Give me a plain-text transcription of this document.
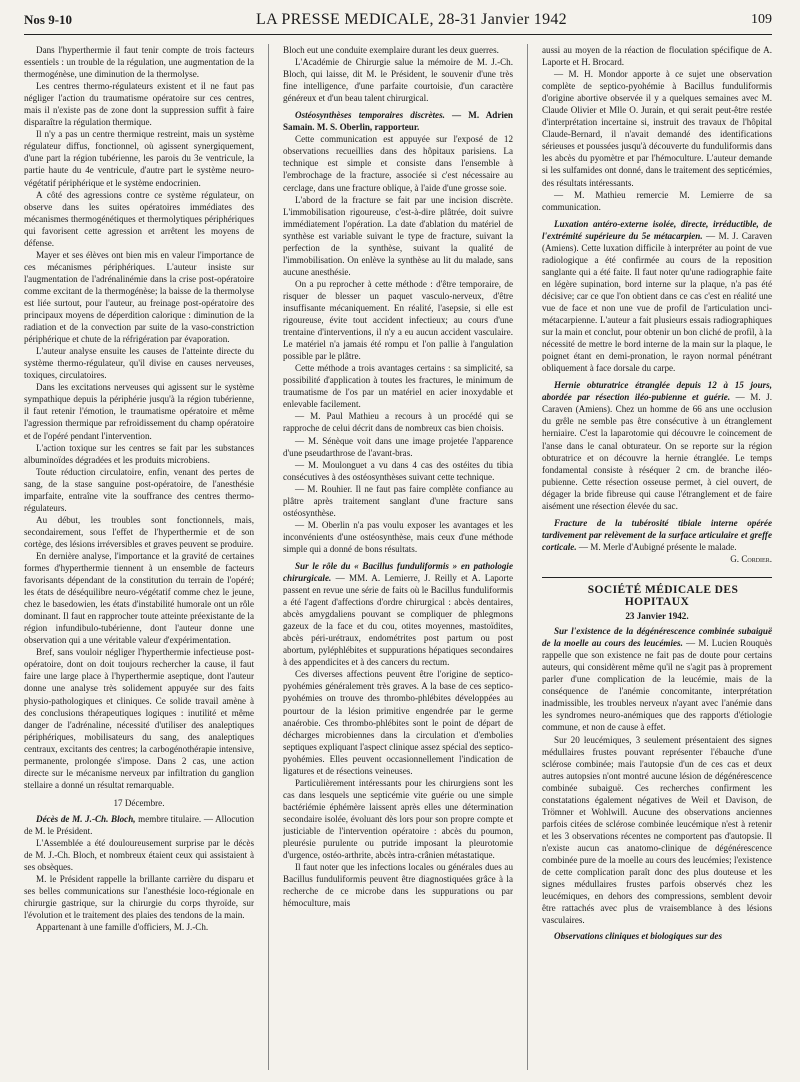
Nos 9-10	LA PRESSE MEDICALE, 28-31 Janvier 1942	109

Dans l'hyperthermie il faut tenir compte de trois facteurs essentiels : un trouble de la régulation, une augmentation de la thermogénèse, une diminution de la thermolyse.

Les centres thermo-régulateurs existent et il ne faut pas négliger l'action du traumatisme opératoire sur ces centres, mais il n'existe pas de zone dont la suppression suffit à faire disparaître la régulation thermique.

Il n'y a pas un centre thermique restreint, mais un système régulateur diffus, fonctionnel, où agissent synergiquement, d'une part la région tubérienne, les parois du 3e ventricule, la partie haute du 4e ventricule, d'autre part le système neuro-végétatif périphérique et le système endocrinien.

A côté des agressions contre ce système régulateur, on observe dans les suites opératoires immédiates des mécanismes thermogénétiques et thermolytiques périphériques qui favorisent cette agression et arrêtent les moyens de défense.

Mayer et ses élèves ont bien mis en valeur l'importance de ces mécanismes périphériques. L'auteur insiste sur l'augmentation de l'adrénalinémie dans la crise post-opératoire comme excitant de la thermogénèse; la baisse de la thermolyse est liée surtout, pour l'auteur, au freinage post-opératoire des principaux moyens de déperdition calorique : diminution de la radiation et de la convection par suite de la vaso-constriction périphérique et chute de la réfrigération par évaporation.

L'auteur analyse ensuite les causes de l'atteinte directe du système thermo-régulateur, qu'il divise en causes nerveuses, toxiques, circulatoires.

Dans les excitations nerveuses qui agissent sur le système sympathique depuis la périphérie jusqu'à la région tubérienne, il faut retenir l'émotion, le traumatisme opératoire et même l'agression thermique par refroidissement du champ opératoire et de l'opéré pendant l'intervention.

L'action toxique sur les centres se fait par les substances albuminoïdes dégradées et les produits microbiens.

Toute réduction circulatoire, enfin, venant des pertes de sang, de la stase sanguine post-opératoire, de l'anesthésie imparfaite, entraîne vite la souffrance des centres thermo-régulateurs.

Au début, les troubles sont fonctionnels, mais, secondairement, sous l'effet de l'hyperthermie et de son cortège, des lésions irréversibles et graves peuvent se produire.

En dernière analyse, l'importance et la gravité de certaines formes d'hyperthermie tiennent à un ensemble de facteurs favorisants dépendant de la constitution du terrain de l'opéré; les états de déséquilibre neuro-végétatif comme chez le jeune, chez le basedowien, les états d'instabilité humorale ont un rôle dominant. Il faut en rapprocher toute atteinte préexistante de la région infundibulo-tubérienne, dont l'auteur donne une observation qui a une véritable valeur d'expérimentation.

Bref, sans vouloir négliger l'hyperthermie infectieuse post-opératoire, dont on doit toujours rechercher la cause, il faut faire une large place à l'hyperthermie aseptique, dont l'auteur donne une analyse très solidement appuyée sur des faits physio-pathologiques et cliniques. Ce solide travail amène à des conclusions thérapeutiques logiques : inutilité et même danger de l'adrénaline, nécessité d'utiliser des analeptiques périphériques, mobilisateurs du sang, des analeptiques centraux, excitants des centres; la carbogénothérapie intensive, permanente, prolongée s'impose. Dans 2 cas, une action directe sur le mécanisme nerveux par infiltration du ganglion stellaire a donné un résultat remarquable.

17 Décembre.

Décès de M. J.-Ch. Bloch, membre titulaire. — Allocution de M. le Président.

L'Assemblée a été douloureusement surprise par le décès de M. J.-Ch. Bloch, et nombreux étaient ceux qui assistaient à ses obsèques.

M. le Président rappelle la brillante carrière du disparu et ses belles communications sur l'anesthésie loco-régionale en chirurgie gastrique, sur la chirurgie du corps thyroïde, sur l'évolution et le traitement des plaies des tendons de la main.

Appartenant à une famille d'officiers, M. J.-Ch.

Bloch eut une conduite exemplaire durant les deux guerres.

L'Académie de Chirurgie salue la mémoire de M. J.-Ch. Bloch, qui laisse, dit M. le Président, le souvenir d'une très fine intelligence, d'une parfaite courtoisie, d'un caractère généreux et d'un beau talent chirurgical.

Ostéosynthèses temporaires discrètes. — M. Adrien Samain. M. S. Oberlin, rapporteur.

Cette communication est appuyée sur l'exposé de 12 observations recueillies dans des hôpitaux parisiens. La technique est simple et consiste dans l'ensemble à l'embrochage de la fracture, associée si c'est nécessaire au cerclage, dans une fracture oblique, à l'aide d'une grosse soie.

L'abord de la fracture se fait par une incision discrète. L'immobilisation rigoureuse, c'est-à-dire plâtrée, doit suivre immédiatement l'opération. La date d'ablation du matériel de synthèse est variable suivant le type de fracture, suivant la perfection de la synthèse, suivant la qualité de l'immobilisation. On enlève la synthèse au lit du malade, sans aucune anesthésie.

On a pu reprocher à cette méthode : d'être temporaire, de risquer de blesser un paquet vasculo-nerveux, d'être insuffisante mécaniquement. En réalité, l'asepsie, si elle est rigoureuse, évite tout accident infectieux; au cours d'une trentaine d'interventions, il n'y a eu aucun accident vasculaire. Le matériel n'a jamais été rompu et l'on pallie à l'angulation possible par le plâtre.

Cette méthode a trois avantages certains : sa simplicité, sa possibilité d'application à toutes les fractures, le minimum de traumatisme de l'os par un matériel en acier inoxydable et enlevable facilement.

— M. Paul Mathieu a recours à un procédé qui se rapproche de celui décrit dans de nombreux cas bien choisis.

— M. Sénèque voit dans une image projetée l'apparence d'une pseudarthrose de l'avant-bras.

— M. Moulonguet a vu dans 4 cas des ostéites du tibia consécutives à des ostéosynthèses suivant cette technique.

— M. Rouhier. Il ne faut pas faire complète confiance au plâtre après traitement sanglant d'une fracture sans ostéosynthèse.

— M. Oberlin n'a pas voulu exposer les avantages et les inconvénients d'une ostéosynthèse, mais ceux d'une méthode simple qui a donné de bons résultats.

Sur le rôle du « Bacillus funduliformis » en pathologie chirurgicale. — MM. A. Lemierre, J. Reilly et A. Laporte passent en revue une série de faits où le Bacillus funduliformis a été l'agent d'affections d'ordre chirurgical : abcès dentaires, abcès amygdaliens pouvant se compliquer de phlegmons gazeux de la face et du cou, otites moyennes, mastoïdites, abcès péri-urétraux, endométrites post partum ou post abortum, pyléphlébites et suppurations hépatiques secondaires à des appendicites et à des cancers du rectum.

Ces diverses affections peuvent être l'origine de septico-pyohémies généralement très graves. A la base de ces septico-pyohémies on trouve des thrombo-phlébites développées au pourtour de la lésion primitive engendrée par le germe anaérobie. Ces thrombo-phlébites sont le point de départ de décharges microbiennes dans la circulation et d'embolies septiques expliquant l'aspect clinique assez spécial des septico-pyohémies. Elles peuvent occasionnellement l'indication de ligatures et de résections veineuses.

Particulièrement intéressants pour les chirurgiens sont les cas dans lesquels une septicémie vite guérie ou une simple bactériémie éphémère laissent après elles une détermination secondaire isolée, évoluant dès lors pour son propre compte et justiciable de l'intervention opératoire : abcès du poumon, pleurésie purulente ou putride imposant la pleurotomie d'urgence, ostéo-arthrite, abcès intra-crânien métastatique.

Il faut noter que les infections locales ou générales dues au Bacillus funduliformis peuvent être diagnostiquées grâce à la recherche de ce microbe dans les suppurations ou par hémoculture, mais

aussi au moyen de la réaction de floculation spécifique de A. Laporte et H. Brocard.

— M. H. Mondor apporte à ce sujet une observation complète de septico-pyohémie à Bacillus funduliformis d'origine abortive observée il y a quelques semaines avec M. Claude Olivier et Mlle O. Jurain, et qui serait peut-être restée d'interprétation incertaine si, instruit des travaux de l'hôpital Claude-Bernard, il n'avait demandé des identifications sérieuses et poussées jusqu'à découverte du funduliformis dans les abcès du pyomètre et par l'hémoculture. L'auteur demande si les sulfamides ont donné, dans le traitement des septicémies, des résultats intéressants.

— M. Mathieu remercie M. Lemierre de sa communication.

Luxation antéro-externe isolée, directe, irréductible, de l'extrémité supérieure du 5e métacarpien. — M. J. Caraven (Amiens). Cette luxation difficile à interpréter au point de vue radiologique a été confirmée au cours de la reposition sanglante qui a été faite. Il faut noter qu'une radiographie faite en légère supination, bord interne sur la plaque, n'a pas été décisive; car ce que l'on obtient dans ce cas c'est en réalité une vue de face et non une vue de profil de l'articulation unci-métacarpienne. L'auteur a fait plusieurs essais radiographiques sur la main et conclut, pour obtenir un bon cliché de profil, à la nécessité de mettre le bord interne de la main sur la plaque, le poignet étant en demi-pronation, le rayon normal pénétrant obliquement à face dorsale du carpe.

Hernie obturatrice étranglée depuis 12 à 15 jours, abordée par résection iléo-pubienne et guérie. — M. J. Caraven (Amiens). Chez un homme de 66 ans une occlusion du grêle ne semble pas être consécutive à un étranglement herniaire. C'est la laparotomie qui découvre le coincement de l'anse dans le canal obturateur. On se reporte sur la région obturatrice et on découvre la hernie étranglée. Le temps fondamental consiste à réséquer 2 cm. de branche iléo-pubienne. Cette résection osseuse permet, à ciel ouvert, de dégager la bride fibreuse qui cause l'étranglement et de faire aisément une résection élevée du sac.

Fracture de la tubérosité tibiale interne opérée tardivement par relèvement de la surface articulaire et greffe corticale. — M. Merle d'Aubigné présente le malade.

G. Cordier.

SOCIÉTÉ MÉDICALE DES HOPITAUX

23 Janvier 1942.

Sur l'existence de la dégénérescence combinée subaiguë de la moelle au cours des leucémies. — M. Lucien Rouquès rappelle que son existence ne fait pas de doute pour certains auteurs, qui considèrent même qu'il ne s'agit pas à proprement parler d'une complication de la leucémie, mais de la conséquence de l'anémie concomitante, interprétation inadmissible, les troubles nerveux n'ayant avec l'anémie dans les syndromes neuro-anémiques que des rapports d'étiologie commune, et non de cause à effet.

Sur 20 leucémiques, 3 seulement présentaient des signes médullaires frustes pouvant représenter l'ébauche d'une sclérose combinée; mais l'autopsie d'un de ces cas et deux autres autopsies n'ont montré aucune lésion de dégénérescence combinée subaiguë. Ces recherches confirment les constatations également négatives de Weil et Davison, de Trömner et Wohlwill. Aucune des observations anciennes parfois citées de sclérose combinée leucémique n'est à retenir et les 3 observations récentes ne comportent pas d'autopsie. Il n'existe aucun cas anatomo-clinique de dégénérescence combinée pure de la moelle au cours des leucémies; l'existence de cette complication paraît donc des plus douteuse et les signes médullaires frustes parfois observés chez les leucémiques, en dehors des compressions, semblent devoir être rattachés avec plus de vraisemblance à des lésions vasculaires.

Observations cliniques et biologiques sur des
